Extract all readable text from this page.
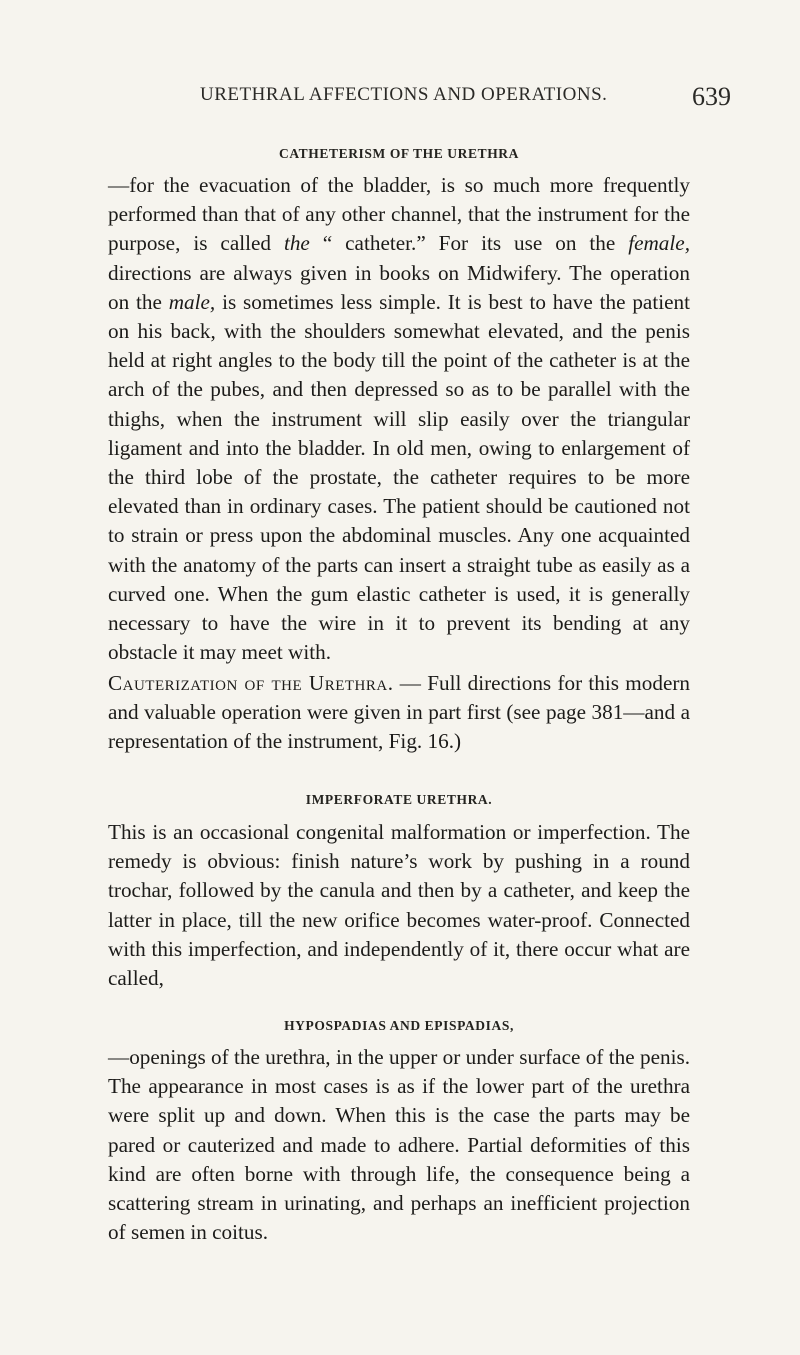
URETHRAL AFFECTIONS AND OPERATIONS.	639
CATHETERISM OF THE URETHRA

—for the evacuation of the bladder, is so much more frequently performed than that of any other channel, that the instrument for the purpose, is called the “ catheter.” For its use on the female, directions are always given in books on Midwifery. The operation on the male, is sometimes less simple. It is best to have the patient on his back, with the shoulders somewhat elevated, and the penis held at right angles to the body till the point of the catheter is at the arch of the pubes, and then depressed so as to be parallel with the thighs, when the instrument will slip easily over the triangular ligament and into the bladder. In old men, owing to enlargement of the third lobe of the prostate, the catheter requires to be more elevated than in ordinary cases. The patient should be cautioned not to strain or press upon the abdominal muscles. Any one acquainted with the anatomy of the parts can insert a straight tube as easily as a curved one. When the gum elastic catheter is used, it is generally necessary to have the wire in it to prevent its bending at any obstacle it may meet with.

Cauterization of the Urethra. — Full directions for this modern and valuable operation were given in part first (see page 381—and a representation of the instrument, Fig. 16.)

IMPERFORATE URETHRA.

This is an occasional congenital malformation or imperfection. The remedy is obvious: finish nature’s work by pushing in a round trochar, followed by the canula and then by a catheter, and keep the latter in place, till the new orifice becomes water-proof. Connected with this imperfection, and independently of it, there occur what are called,

HYPOSPADIAS AND EPISPADIAS,

—openings of the urethra, in the upper or under surface of the penis. The appearance in most cases is as if the lower part of the urethra were split up and down. When this is the case the parts may be pared or cauterized and made to adhere. Partial deformities of this kind are often borne with through life, the consequence being a scattering stream in urinating, and perhaps an inefficient projection of semen in coitus.
